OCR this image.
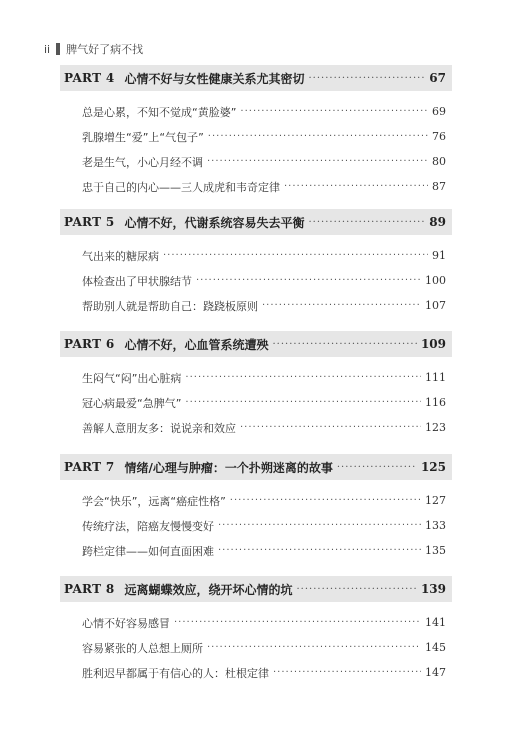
ii 脾气好了病不找
PART 4 心情不好与女性健康关系尤其密切 ·····	67
总是心累，不知不觉成“黄脸婆” ·····	69
乳腺增生“爱”上“气包子” ·····	76
老是生气，小心月经不调 ·····	80
忠于自己的内心——三人成虎和韦奇定律 ·····	87
PART 5 心情不好，代谢系统容易失去平衡 ·····	89
气出来的糖尿病 ·····	91
体检查出了甲状腺结节 ·····	100
帮助别人就是帮助自己：跷跷板原则 ·····	107
PART 6 心情不好，心血管系统遭殃 ·····	109
生闷气“闷”出心脏病 ·····	111
冠心病最爱“急脾气” ·····	116
善解人意朋友多：说说亲和效应 ·····	123
PART 7 情绪/心理与肿瘤：一个扑朔迷离的故事 ·····	125
学会“快乐”，远离“癌症性格” ·····	127
传统疗法，陪癌友慢慢变好 ·····	133
跨栏定律——如何直面困难 ·····	135
PART 8 远离蝴蝶效应，绕开坏心情的坑 ·····	139
心情不好容易感冒 ·····	141
容易紧张的人总想上厕所 ·····	145
胜利迟早都属于有信心的人：杜根定律 ·····	147
